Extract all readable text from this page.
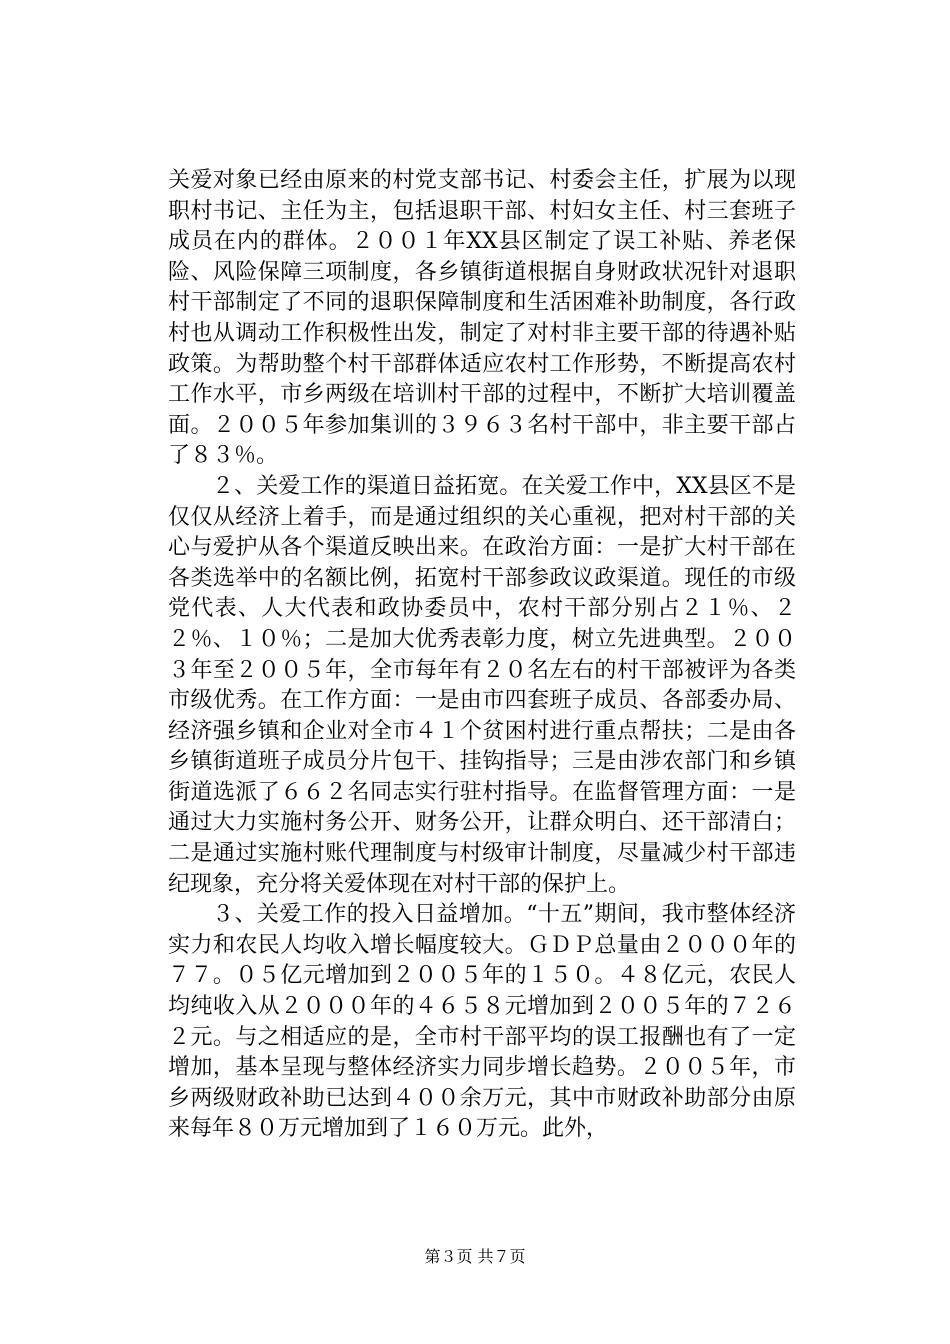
关爱对象已经由原来的村党支部书记、村委会主任，扩展为以现职村书记、主任为主，包括退职干部、村妇女主任、村三套班子成员在内的群体。２００１年XX县区制定了误工补贴、养老保险、风险保障三项制度，各乡镇街道根据自身财政状况针对退职村干部制定了不同的退职保障制度和生活困难补助制度，各行政村也从调动工作积极性出发，制定了对村非主要干部的待遇补贴政策。为帮助整个村干部群体适应农村工作形势，不断提高农村工作水平，市乡两级在培训村干部的过程中，不断扩大培训覆盖面。２００５年参加集训的３９６３名村干部中，非主要干部占了８３％。

２、关爱工作的渠道日益拓宽。在关爱工作中，XX县区不是仅仅从经济上着手，而是通过组织的关心重视，把对村干部的关心与爱护从各个渠道反映出来。在政治方面：一是扩大村干部在各类选举中的名额比例，拓宽村干部参政议政渠道。现任的市级党代表、人大代表和政协委员中，农村干部分别占２１％、２２％、１０％；二是加大优秀表彰力度，树立先进典型。２００３年至２００５年，全市每年有２０名左右的村干部被评为各类市级优秀。在工作方面：一是由市四套班子成员、各部委办局、经济强乡镇和企业对全市４１个贫困村进行重点帮扶；二是由各乡镇街道班子成员分片包干、挂钩指导；三是由涉农部门和乡镇街道选派了６６２名同志实行驻村指导。在监督管理方面：一是通过大力实施村务公开、财务公开，让群众明白、还干部清白；二是通过实施村账代理制度与村级审计制度，尽量减少村干部违纪现象，充分将关爱体现在对村干部的保护上。

３、关爱工作的投入日益增加。“十五”期间，我市整体经济实力和农民人均收入增长幅度较大。ＧＤＰ总量由２０００年的７７。０５亿元增加到２００５年的１５０。４８亿元，农民人均纯收入从２０００年的４６５８元增加到２００５年的７２６２元。与之相适应的是，全市村干部平均的误工报酬也有了一定增加，基本呈现与整体经济实力同步增长趋势。２００５年，市乡两级财政补助已达到４００余万元，其中市财政补助部分由原来每年８０万元增加到了１６０万元。此外，

第３页 共７页
